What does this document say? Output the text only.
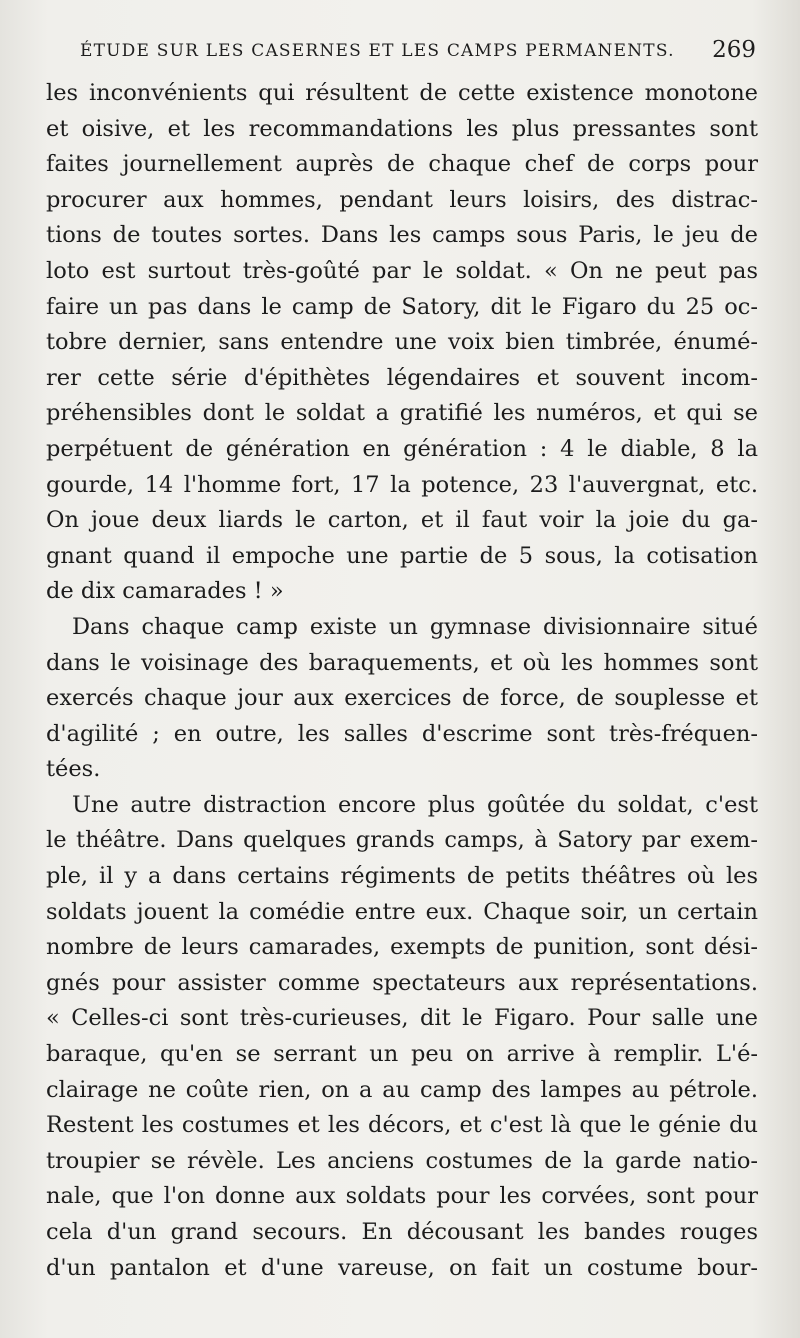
ÉTUDE SUR LES CASERNES ET LES CAMPS PERMANENTS. 269
les inconvénients qui résultent de cette existence monotone
et oisive, et les recommandations les plus pressantes sont
faites journellement auprès de chaque chef de corps pour
procurer aux hommes, pendant leurs loisirs, des distrac-
tions de toutes sortes. Dans les camps sous Paris, le jeu de
loto est surtout très-goûté par le soldat. « On ne peut pas
faire un pas dans le camp de Satory, dit le Figaro du 25 oc-
tobre dernier, sans entendre une voix bien timbrée, énumé-
rer cette série d'épithètes légendaires et souvent incom-
préhensibles dont le soldat a gratifié les numéros, et qui se
perpétuent de génération en génération : 4 le diable, 8 la
gourde, 14 l'homme fort, 17 la potence, 23 l'auvergnat, etc.
On joue deux liards le carton, et il faut voir la joie du ga-
gnant quand il empoche une partie de 5 sous, la cotisation
de dix camarades ! »
Dans chaque camp existe un gymnase divisionnaire situé
dans le voisinage des baraquements, et où les hommes sont
exercés chaque jour aux exercices de force, de souplesse et
d'agilité ; en outre, les salles d'escrime sont très-fréquen-
tées.
Une autre distraction encore plus goûtée du soldat, c'est
le théâtre. Dans quelques grands camps, à Satory par exem-
ple, il y a dans certains régiments de petits théâtres où les
soldats jouent la comédie entre eux. Chaque soir, un certain
nombre de leurs camarades, exempts de punition, sont dési-
gnés pour assister comme spectateurs aux représentations.
« Celles-ci sont très-curieuses, dit le Figaro. Pour salle une
baraque, qu'en se serrant un peu on arrive à remplir. L'é-
clairage ne coûte rien, on a au camp des lampes au pétrole.
Restent les costumes et les décors, et c'est là que le génie du
troupier se révèle. Les anciens costumes de la garde natio-
nale, que l'on donne aux soldats pour les corvées, sont pour
cela d'un grand secours. En décousant les bandes rouges
d'un pantalon et d'une vareuse, on fait un costume bour-
